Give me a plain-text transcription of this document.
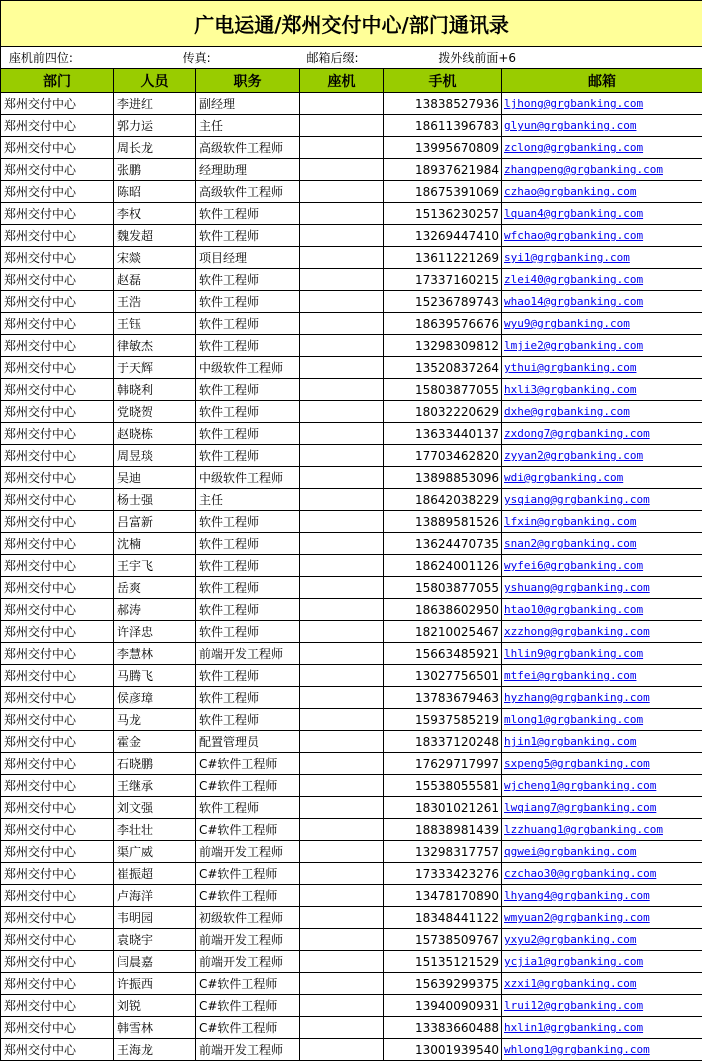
广电运通/郑州交付中心/部门通讯录					
座机前四位: 传真: 邮箱后缀: 拨外线前面+6					
部门	人员	职务	座机	手机	邮箱
郑州交付中心	李进红	副经理		13838527936	ljhong@grgbanking.com
郑州交付中心	郭力运	主任		18611396783	glyun@grgbanking.com
郑州交付中心	周长龙	高级软件工程师		13995670809	zclong@grgbanking.com
郑州交付中心	张鹏	经理助理		18937621984	zhangpeng@grgbanking.com
郑州交付中心	陈昭	高级软件工程师		18675391069	czhao@grgbanking.com
郑州交付中心	李权	软件工程师		15136230257	lquan4@grgbanking.com
郑州交付中心	魏发超	软件工程师		13269447410	wfchao@grgbanking.com
郑州交付中心	宋燚	项目经理		13611221269	syi1@grgbanking.com
郑州交付中心	赵磊	软件工程师		17337160215	zlei40@grgbanking.com
郑州交付中心	王浩	软件工程师		15236789743	whao14@grgbanking.com
郑州交付中心	王钰	软件工程师		18639576676	wyu9@grgbanking.com
郑州交付中心	律敏杰	软件工程师		13298309812	lmjie2@grgbanking.com
郑州交付中心	于天辉	中级软件工程师		13520837264	ythui@grgbanking.com
郑州交付中心	韩晓利	软件工程师		15803877055	hxli3@grgbanking.com
郑州交付中心	党晓贺	软件工程师		18032220629	dxhe@grgbanking.com
郑州交付中心	赵晓栋	软件工程师		13633440137	zxdong7@grgbanking.com
郑州交付中心	周昱琰	软件工程师		17703462820	zyyan2@grgbanking.com
郑州交付中心	吴迪	中级软件工程师		13898853096	wdi@grgbanking.com
郑州交付中心	杨士强	主任		18642038229	ysqiang@grgbanking.com
郑州交付中心	吕富新	软件工程师		13889581526	lfxin@grgbanking.com
郑州交付中心	沈楠	软件工程师		13624470735	snan2@grgbanking.com
郑州交付中心	王宇飞	软件工程师		18624001126	wyfei6@grgbanking.com
郑州交付中心	岳爽	软件工程师		15803877055	yshuang@grgbanking.com
郑州交付中心	郝涛	软件工程师		18638602950	htao10@grgbanking.com
郑州交付中心	许泽忠	软件工程师		18210025467	xzzhong@grgbanking.com
郑州交付中心	李慧林	前端开发工程师		15663485921	lhlin9@grgbanking.com
郑州交付中心	马腾飞	软件工程师		13027756501	mtfei@grgbanking.com
郑州交付中心	侯彦璋	软件工程师		13783679463	hyzhang@grgbanking.com
郑州交付中心	马龙	软件工程师		15937585219	mlong1@grgbanking.com
郑州交付中心	霍金	配置管理员		18337120248	hjin1@grgbanking.com
郑州交付中心	石晓鹏	C#软件工程师		17629717997	sxpeng5@grgbanking.com
郑州交付中心	王继承	C#软件工程师		15538055581	wjcheng1@grgbanking.com
郑州交付中心	刘文强	软件工程师		18301021261	lwqiang7@grgbanking.com
郑州交付中心	李壮壮	C#软件工程师		18838981439	lzzhuang1@grgbanking.com
郑州交付中心	渠广威	前端开发工程师		13298317757	qgwei@grgbanking.com
郑州交付中心	崔振超	C#软件工程师		17333423276	czchao30@grgbanking.com
郑州交付中心	卢海洋	C#软件工程师		13478170890	lhyang4@grgbanking.com
郑州交付中心	韦明园	初级软件工程师		18348441122	wmyuan2@grgbanking.com
郑州交付中心	袁晓宇	前端开发工程师		15738509767	yxyu2@grgbanking.com
郑州交付中心	闫晨嘉	前端开发工程师		15135121529	ycjia1@grgbanking.com
郑州交付中心	许振西	C#软件工程师		15639299375	xzxi1@grgbanking.com
郑州交付中心	刘锐	C#软件工程师		13940090931	lrui12@grgbanking.com
郑州交付中心	韩雪林	C#软件工程师		13383660488	hxlin1@grgbanking.com
郑州交付中心	王海龙	前端开发工程师		13001939540	whlong1@grgbanking.com
